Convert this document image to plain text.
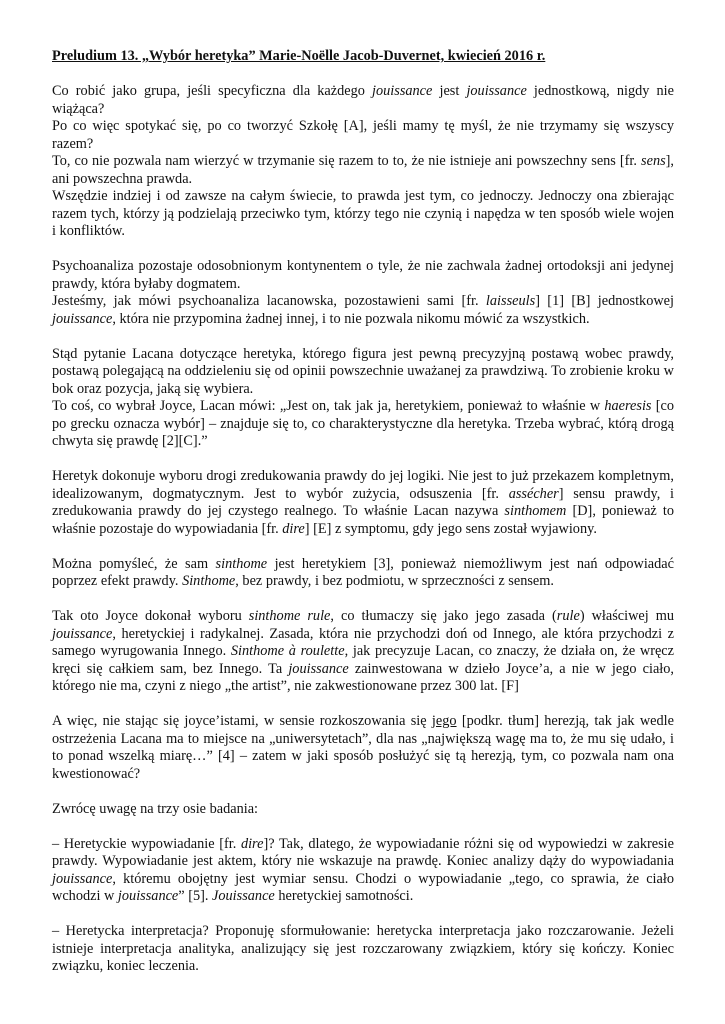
Preludium 13. „Wybór heretyka” Marie-Noëlle Jacob-Duvernet, kwiecień 2016 r.

Co robić jako grupa, jeśli specyficzna dla każdego jouissance jest jouissance jednostkową, nigdy nie wiążąca?

Po co więc spotykać się, po co tworzyć Szkołę [A], jeśli mamy tę myśl, że nie trzymamy się wszyscy razem?

To, co nie pozwala nam wierzyć w trzymanie się razem to to, że nie istnieje ani powszechny sens [fr. sens], ani powszechna prawda.

Wszędzie indziej i od zawsze na całym świecie, to prawda jest tym, co jednoczy. Jednoczy ona zbierając razem tych, którzy ją podzielają przeciwko tym, którzy tego nie czynią i napędza w ten sposób wiele wojen i konfliktów.

Psychoanaliza pozostaje odosobnionym kontynentem o tyle, że nie zachwala żadnej ortodoksji ani jedynej prawdy, która byłaby dogmatem.

Jesteśmy, jak mówi psychoanaliza lacanowska, pozostawieni sami [fr. laisseuls] [1] [B] jednostkowej jouissance, która nie przypomina żadnej innej, i to nie pozwala nikomu mówić za wszystkich.

Stąd pytanie Lacana dotyczące heretyka, którego figura jest pewną precyzyjną postawą wobec prawdy, postawą polegającą na oddzieleniu się od opinii powszechnie uważanej za prawdziwą. To zrobienie kroku w bok oraz pozycja, jaką się wybiera.

To coś, co wybrał Joyce, Lacan mówi: „Jest on, tak jak ja, heretykiem, ponieważ to właśnie w haeresis [co po grecku oznacza wybór] – znajduje się to, co charakterystyczne dla heretyka. Trzeba wybrać, którą drogą chwyta się prawdę [2][C].”

Heretyk dokonuje wyboru drogi zredukowania prawdy do jej logiki. Nie jest to już przekazem kompletnym, idealizowanym, dogmatycznym. Jest to wybór zużycia, odsuszenia [fr. assécher] sensu prawdy, i zredukowania prawdy do jej czystego realnego. To właśnie Lacan nazywa sinthomem [D], ponieważ to właśnie pozostaje do wypowiadania [fr. dire] [E] z symptomu, gdy jego sens został wyjawiony.

Można pomyśleć, że sam sinthome jest heretykiem [3], ponieważ niemożliwym jest nań odpowiadać poprzez efekt prawdy. Sinthome, bez prawdy, i bez podmiotu, w sprzeczności z sensem.

Tak oto Joyce dokonał wyboru sinthome rule, co tłumaczy się jako jego zasada (rule) właściwej mu jouissance, heretyckiej i radykalnej. Zasada, która nie przychodzi doń od Innego, ale która przychodzi z samego wyrugowania Innego. Sinthome à roulette, jak precyzuje Lacan, co znaczy, że działa on, że wręcz kręci się całkiem sam, bez Innego. Ta jouissance zainwestowana w dzieło Joyce’a, a nie w jego ciało, którego nie ma, czyni z niego „the artist”, nie zakwestionowane przez 300 lat. [F]

A więc, nie stając się joyce’istami, w sensie rozkoszowania się jego [podkr. tłum] herezją, tak jak wedle ostrzeżenia Lacana ma to miejsce na „uniwersytetach”, dla nas „największą wagę ma to, że mu się udało, i to ponad wszelką miarę…” [4] – zatem w jaki sposób posłużyć się tą herezją, tym, co pozwala nam ona kwestionować?

Zwrócę uwagę na trzy osie badania:

– Heretyckie wypowiadanie [fr. dire]? Tak, dlatego, że wypowiadanie różni się od wypowiedzi w zakresie prawdy. Wypowiadanie jest aktem, który nie wskazuje na prawdę. Koniec analizy dąży do wypowiadania jouissance, któremu obojętny jest wymiar sensu. Chodzi o wypowiadanie „tego, co sprawia, że ciało wchodzi w jouissance” [5]. Jouissance heretyckiej samotności.

– Heretycka interpretacja? Proponuję sformułowanie: heretycka interpretacja jako rozczarowanie. Jeżeli istnieje interpretacja analityka, analizujący się jest rozczarowany związkiem, który się kończy. Koniec związku, koniec leczenia.
